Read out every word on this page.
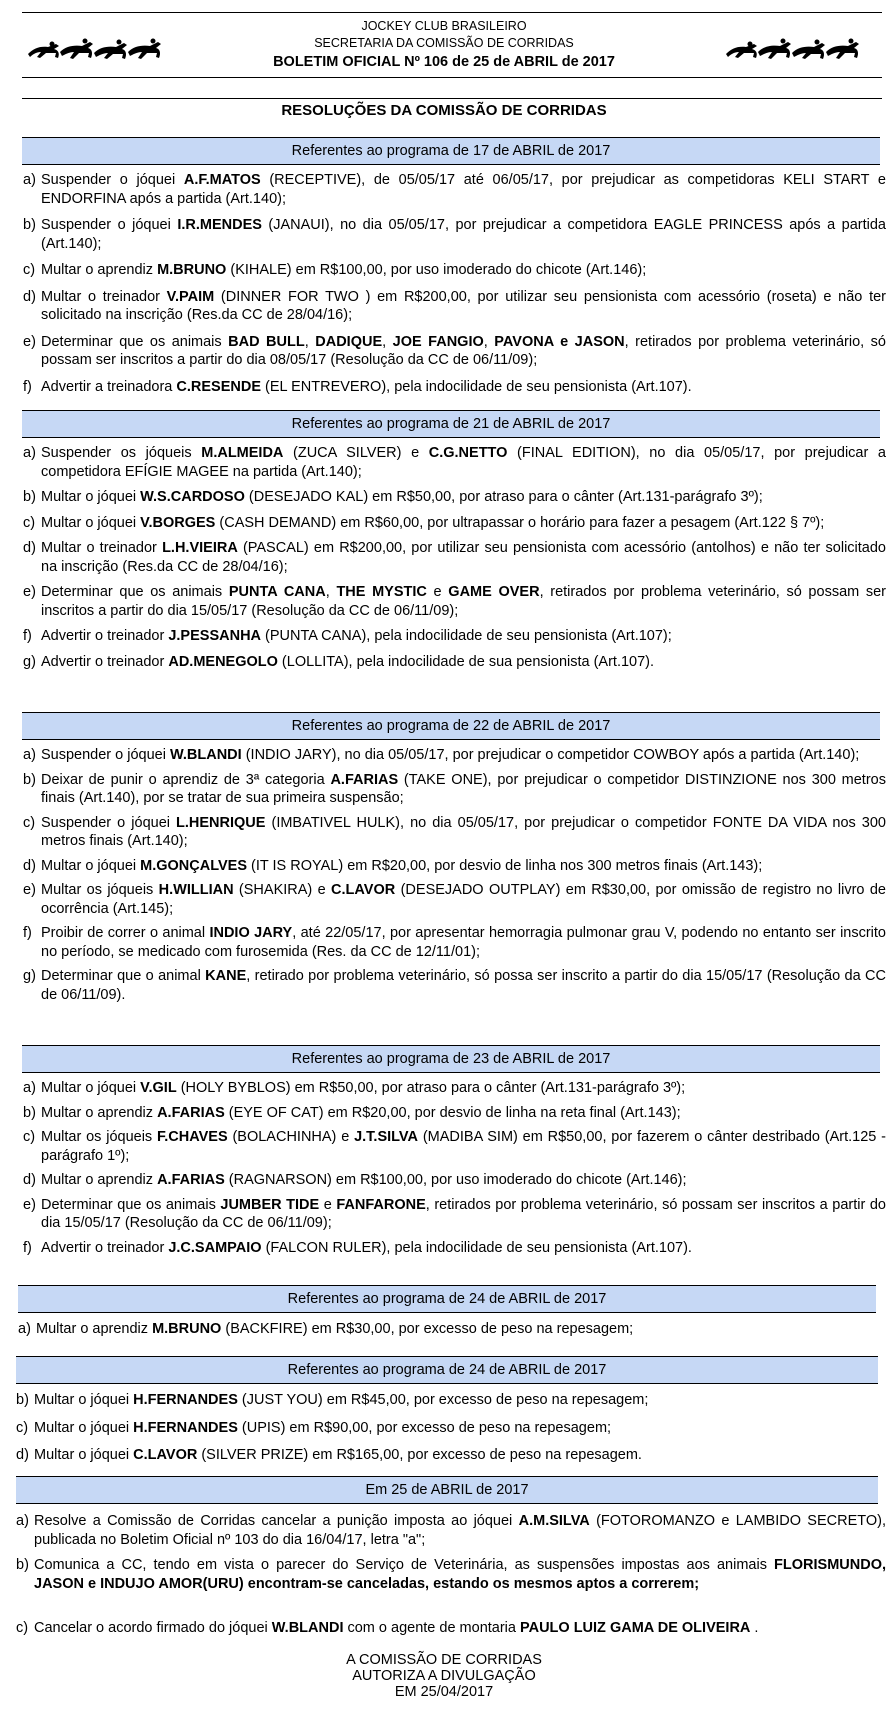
JOCKEY CLUB BRASILEIRO
SECRETARIA DA COMISSÃO DE CORRIDAS
BOLETIM OFICIAL Nº 106 de 25 de ABRIL de 2017
RESOLUÇÕES DA COMISSÃO DE CORRIDAS
Referentes ao programa de 17 de ABRIL de 2017
a) Suspender o jóquei A.F.MATOS (RECEPTIVE), de 05/05/17 até 06/05/17, por prejudicar as competidoras KELI START e ENDORFINA após a partida (Art.140);
b) Suspender o jóquei I.R.MENDES (JANAUI), no dia 05/05/17, por prejudicar a competidora EAGLE PRINCESS após a partida (Art.140);
c) Multar o aprendiz M.BRUNO (KIHALE) em R$100,00, por uso imoderado do chicote (Art.146);
d) Multar o treinador V.PAIM (DINNER FOR TWO ) em R$200,00, por utilizar seu pensionista com acessório (roseta) e não ter solicitado na inscrição (Res.da CC de 28/04/16);
e) Determinar que os animais BAD BULL, DADIQUE, JOE FANGIO, PAVONA e JASON, retirados por problema veterinário, só possam ser inscritos a partir do dia 08/05/17 (Resolução da CC de 06/11/09);
f) Advertir a treinadora C.RESENDE (EL ENTREVERO), pela indocilidade de seu pensionista (Art.107).
Referentes ao programa de 21 de ABRIL de 2017
a) Suspender os jóqueis M.ALMEIDA (ZUCA SILVER) e C.G.NETTO (FINAL EDITION), no dia 05/05/17, por prejudicar a competidora EFÍGIE MAGEE na partida (Art.140);
b) Multar o jóquei W.S.CARDOSO (DESEJADO KAL) em R$50,00, por atraso para o cânter (Art.131-parágrafo 3º);
c) Multar o jóquei V.BORGES (CASH DEMAND) em R$60,00, por ultrapassar o horário para fazer a pesagem (Art.122 § 7º);
d) Multar o treinador L.H.VIEIRA (PASCAL) em R$200,00, por utilizar seu pensionista com acessório (antolhos) e não ter solicitado na inscrição (Res.da CC de 28/04/16);
e) Determinar que os animais PUNTA CANA, THE MYSTIC e GAME OVER, retirados por problema veterinário, só possam ser inscritos a partir do dia 15/05/17 (Resolução da CC de 06/11/09);
f) Advertir o treinador J.PESSANHA (PUNTA CANA), pela indocilidade de seu pensionista (Art.107);
g) Advertir o treinador AD.MENEGOLO (LOLLITA), pela indocilidade de sua pensionista (Art.107).
Referentes ao programa de 22 de ABRIL de 2017
a) Suspender o jóquei W.BLANDI (INDIO JARY), no dia 05/05/17, por prejudicar o competidor COWBOY após a partida (Art.140);
b) Deixar de punir o aprendiz de 3ª categoria A.FARIAS (TAKE ONE), por prejudicar o competidor DISTINZIONE nos 300 metros finais (Art.140), por se tratar de sua primeira suspensão;
c) Suspender o jóquei L.HENRIQUE (IMBATIVEL HULK), no dia 05/05/17, por prejudicar o competidor FONTE DA VIDA nos 300 metros finais (Art.140);
d) Multar o jóquei M.GONÇALVES (IT IS ROYAL) em R$20,00, por desvio de linha nos 300 metros finais (Art.143);
e) Multar os jóqueis H.WILLIAN (SHAKIRA) e C.LAVOR (DESEJADO OUTPLAY) em R$30,00, por omissão de registro no livro de ocorrência (Art.145);
f) Proibir de correr o animal INDIO JARY, até 22/05/17, por apresentar hemorragia pulmonar grau V, podendo no entanto ser inscrito no período, se medicado com furosemida (Res. da CC de 12/11/01);
g) Determinar que o animal KANE, retirado por problema veterinário, só possa ser inscrito a partir do dia 15/05/17 (Resolução da CC de 06/11/09).
Referentes ao programa de 23 de ABRIL de 2017
a) Multar o jóquei V.GIL (HOLY BYBLOS) em R$50,00, por atraso para o cânter (Art.131-parágrafo 3º);
b) Multar o aprendiz A.FARIAS (EYE OF CAT) em R$20,00, por desvio de linha na reta final (Art.143);
c) Multar os jóqueis F.CHAVES (BOLACHINHA) e J.T.SILVA (MADIBA SIM) em R$50,00, por fazerem o cânter destribado (Art.125 - parágrafo 1º);
d) Multar o aprendiz A.FARIAS (RAGNARSON) em R$100,00, por uso imoderado do chicote (Art.146);
e) Determinar que os animais JUMBER TIDE e FANFARONE, retirados por problema veterinário, só possam ser inscritos a partir do dia 15/05/17 (Resolução da CC de 06/11/09);
f) Advertir o treinador J.C.SAMPAIO (FALCON RULER), pela indocilidade de seu pensionista (Art.107).
Referentes ao programa de 24 de ABRIL de 2017
a) Multar o aprendiz M.BRUNO (BACKFIRE) em R$30,00, por excesso de peso na repesagem;
Referentes ao programa de 24 de ABRIL de 2017
b) Multar o jóquei H.FERNANDES (JUST YOU) em R$45,00, por excesso de peso na repesagem;
c) Multar o jóquei H.FERNANDES (UPIS) em R$90,00, por excesso de peso na repesagem;
d) Multar o jóquei C.LAVOR (SILVER PRIZE) em R$165,00, por excesso de peso na repesagem.
Em 25 de ABRIL de 2017
a) Resolve a Comissão de Corridas cancelar a punição imposta ao jóquei A.M.SILVA (FOTOROMANZO e LAMBIDO SECRETO), publicada no Boletim Oficial nº 103 do dia 16/04/17, letra "a";
b) Comunica a CC, tendo em vista o parecer do Serviço de Veterinária, as suspensões impostas aos animais FLORISMUNDO, JASON e INDUJO AMOR(URU) encontram-se canceladas, estando os mesmos aptos a correrem;
c) Cancelar o acordo firmado do jóquei W.BLANDI com o agente de montaria PAULO LUIZ GAMA DE OLIVEIRA .
A COMISSÃO DE CORRIDAS
AUTORIZA A DIVULGAÇÃO
EM 25/04/2017
